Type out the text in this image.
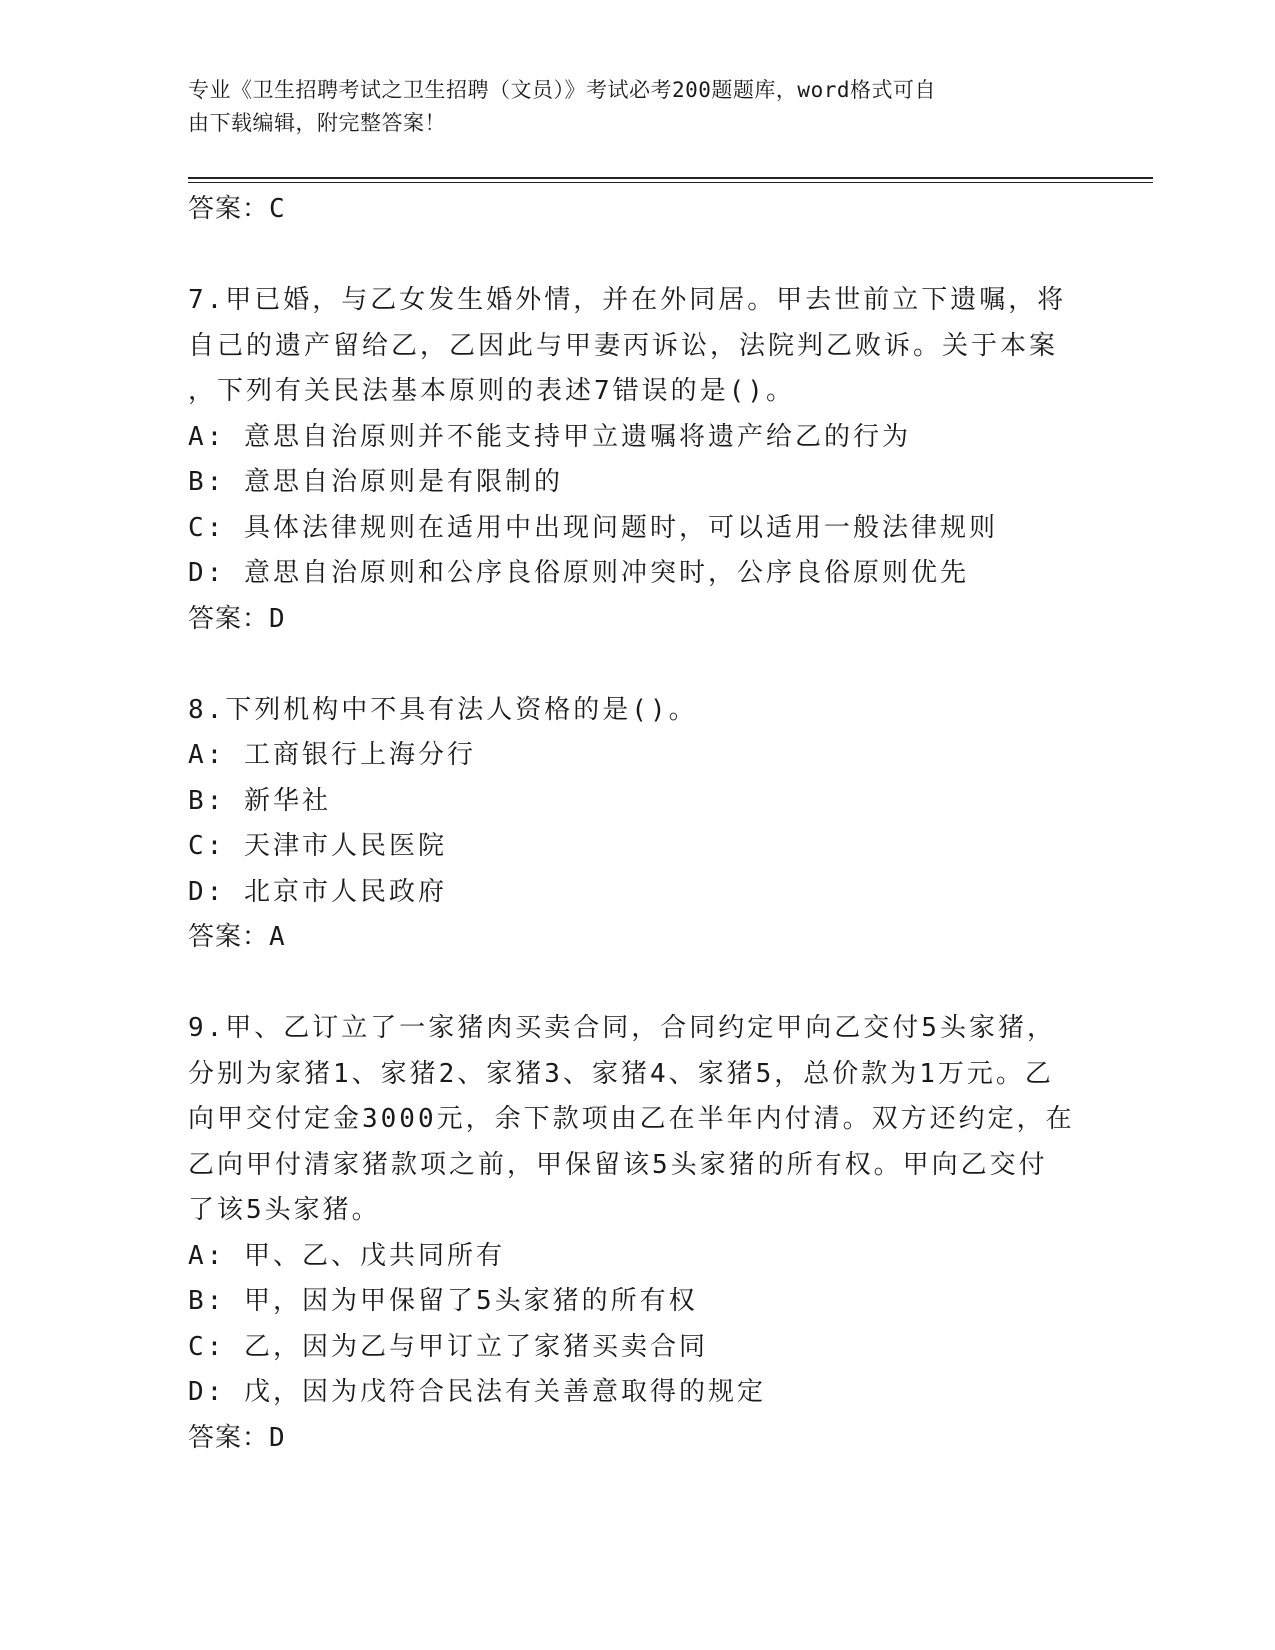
专业《卫生招聘考试之卫生招聘（文员）》考试必考200题题库，word格式可自
由下载编辑，附完整答案！
答案：C
7.甲已婚，与乙女发生婚外情，并在外同居。甲去世前立下遗嘱，将
自己的遗产留给乙，乙因此与甲妻丙诉讼，法院判乙败诉。关于本案
，下列有关民法基本原则的表述7错误的是()。
A: 意思自治原则并不能支持甲立遗嘱将遗产给乙的行为
B: 意思自治原则是有限制的
C: 具体法律规则在适用中出现问题时，可以适用一般法律规则
D: 意思自治原则和公序良俗原则冲突时，公序良俗原则优先
答案：D
8.下列机构中不具有法人资格的是()。
A: 工商银行上海分行
B: 新华社
C: 天津市人民医院
D: 北京市人民政府
答案：A
9.甲、乙订立了一家猪肉买卖合同，合同约定甲向乙交付5头家猪，
分别为家猪1、家猪2、家猪3、家猪4、家猪5，总价款为1万元。乙
向甲交付定金3000元，余下款项由乙在半年内付清。双方还约定，在
乙向甲付清家猪款项之前，甲保留该5头家猪的所有权。甲向乙交付
了该5头家猪。
A: 甲、乙、戊共同所有
B: 甲，因为甲保留了5头家猪的所有权
C: 乙，因为乙与甲订立了家猪买卖合同
D: 戊，因为戊符合民法有关善意取得的规定
答案：D
